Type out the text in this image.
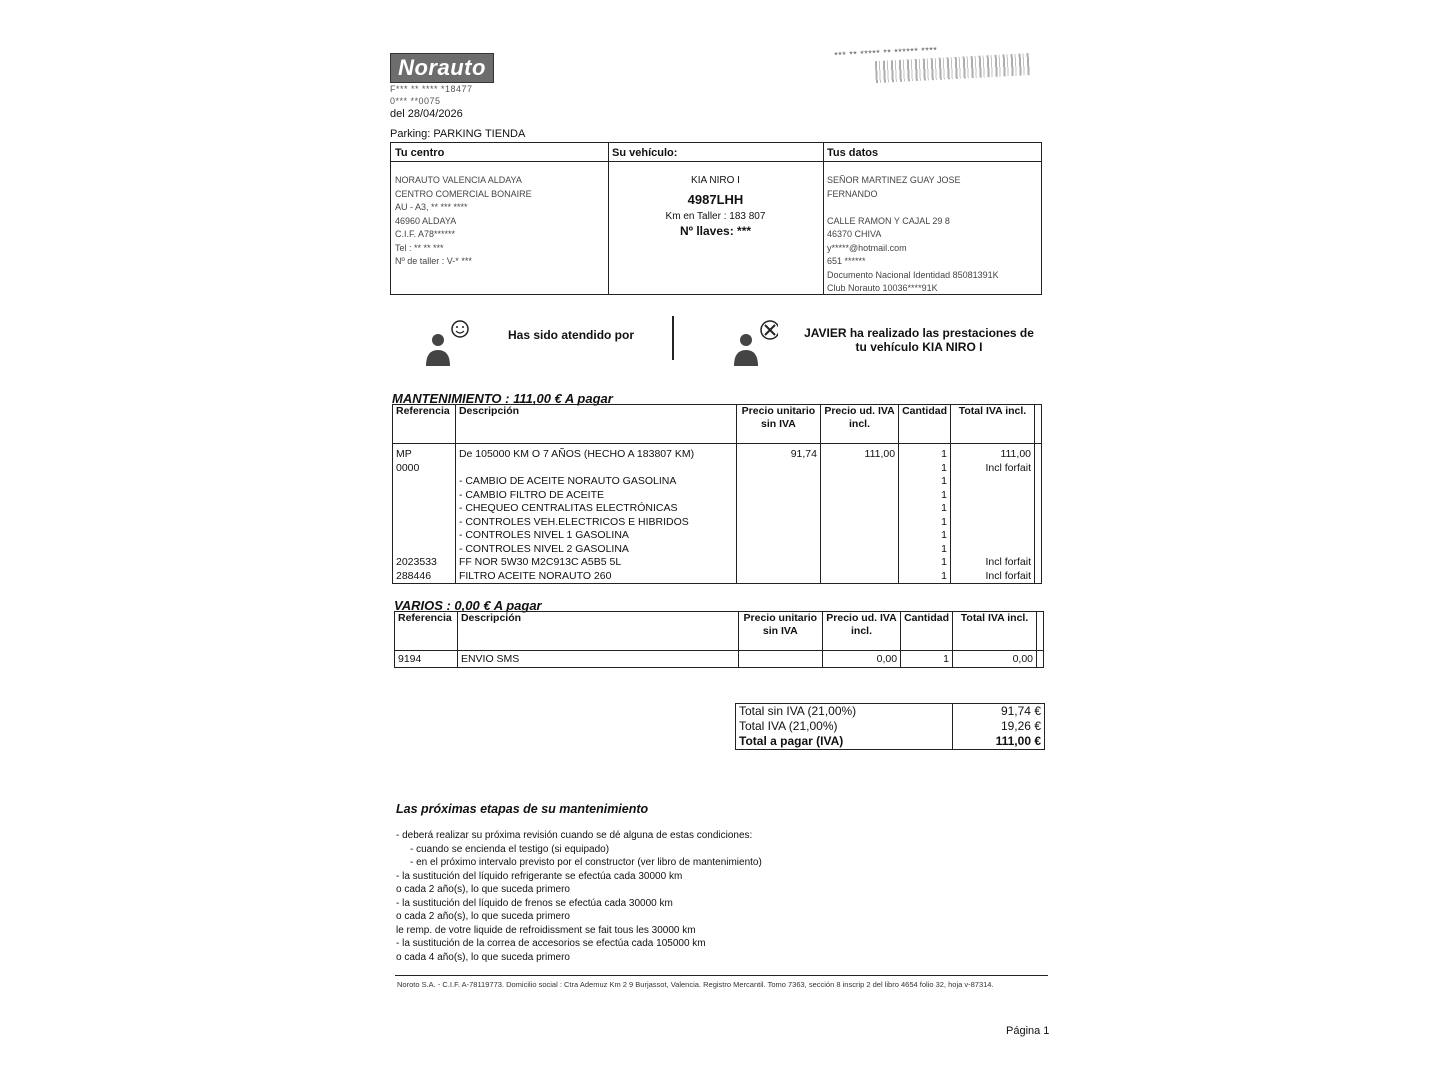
Norauto
F*** ** **** *18477
0*** **0075
del 28/04/2026
*** ** ***** ** ****** ****
Parking: PARKING TIENDA
Tu centro
NORAUTO VALENCIA ALDAYA
CENTRO COMERCIAL BONAIRE
AU - A3, ** *** ****
46960 ALDAYA
C.I.F. A78******
Tel : ** ** ***
Nº de taller : V-* ***
Su vehículo:
KIA NIRO I
4987LHH
Km en Taller : 183 807
Nº llaves: ***
Tus datos
SEÑOR MARTINEZ GUAY JOSE
FERNANDO

CALLE RAMON Y CAJAL 29 8
46370 CHIVA
y*****@hotmail.com
651 ******
Documento Nacional Identidad 85081391K
Club Norauto 10036****91K
Has sido atendido por	JAVIER ha realizado las prestaciones de
tu vehículo KIA NIRO I
MANTENIMIENTO : 111,00 € A pagar
Referencia	Descripción	Precio unitario sin IVA	Precio ud. IVA incl.	Cantidad	Total IVA incl.	
MP	De 105000 KM O 7 AÑOS (HECHO A 183807 KM)	91,74	111,00	1	111,00	
0000				1	Incl forfait	
	- CAMBIO DE ACEITE NORAUTO GASOLINA			1		
	- CAMBIO FILTRO DE ACEITE			1		
	- CHEQUEO CENTRALITAS ELECTRÓNICAS			1		
	- CONTROLES VEH.ELECTRICOS E HIBRIDOS			1		
	- CONTROLES NIVEL 1 GASOLINA			1		
	- CONTROLES NIVEL 2 GASOLINA			1		
2023533	FF NOR 5W30 M2C913C A5B5 5L			1	Incl forfait	
288446	FILTRO ACEITE NORAUTO 260			1	Incl forfait	
VARIOS : 0,00 € A pagar
Referencia	Descripción	Precio unitario sin IVA	Precio ud. IVA incl.	Cantidad	Total IVA incl.	
9194	ENVIO SMS		0,00	1	0,00	
Total sin IVA (21,00%)	91,74 €
Total IVA (21,00%)	19,26 €
Total a pagar (IVA)	111,00 €
Las próximas etapas de su mantenimiento
- deberá realizar su próxima revisión cuando se dé alguna de estas condiciones:
- cuando se encienda el testigo (si equipado)
- en el próximo intervalo previsto por el constructor (ver libro de mantenimiento)
- la sustitución del líquido refrigerante se efectúa cada 30000 km
o cada 2 año(s), lo que suceda primero
- la sustitución del líquido de frenos se efectúa cada 30000 km
o cada 2 año(s), lo que suceda primero
le remp. de votre liquide de refroidissment se fait tous les 30000 km
- la sustitución de la correa de accesorios se efectúa cada 105000 km
o cada 4 año(s), lo que suceda primero
Noroto S.A. - C.I.F. A-78119773. Domicilio social : Ctra Ademuz Km 2 9 Burjassot, Valencia. Registro Mercantil. Tomo 7363, sección 8 inscrip 2 del libro 4654 folio 32, hoja v-87314.
Página 1
